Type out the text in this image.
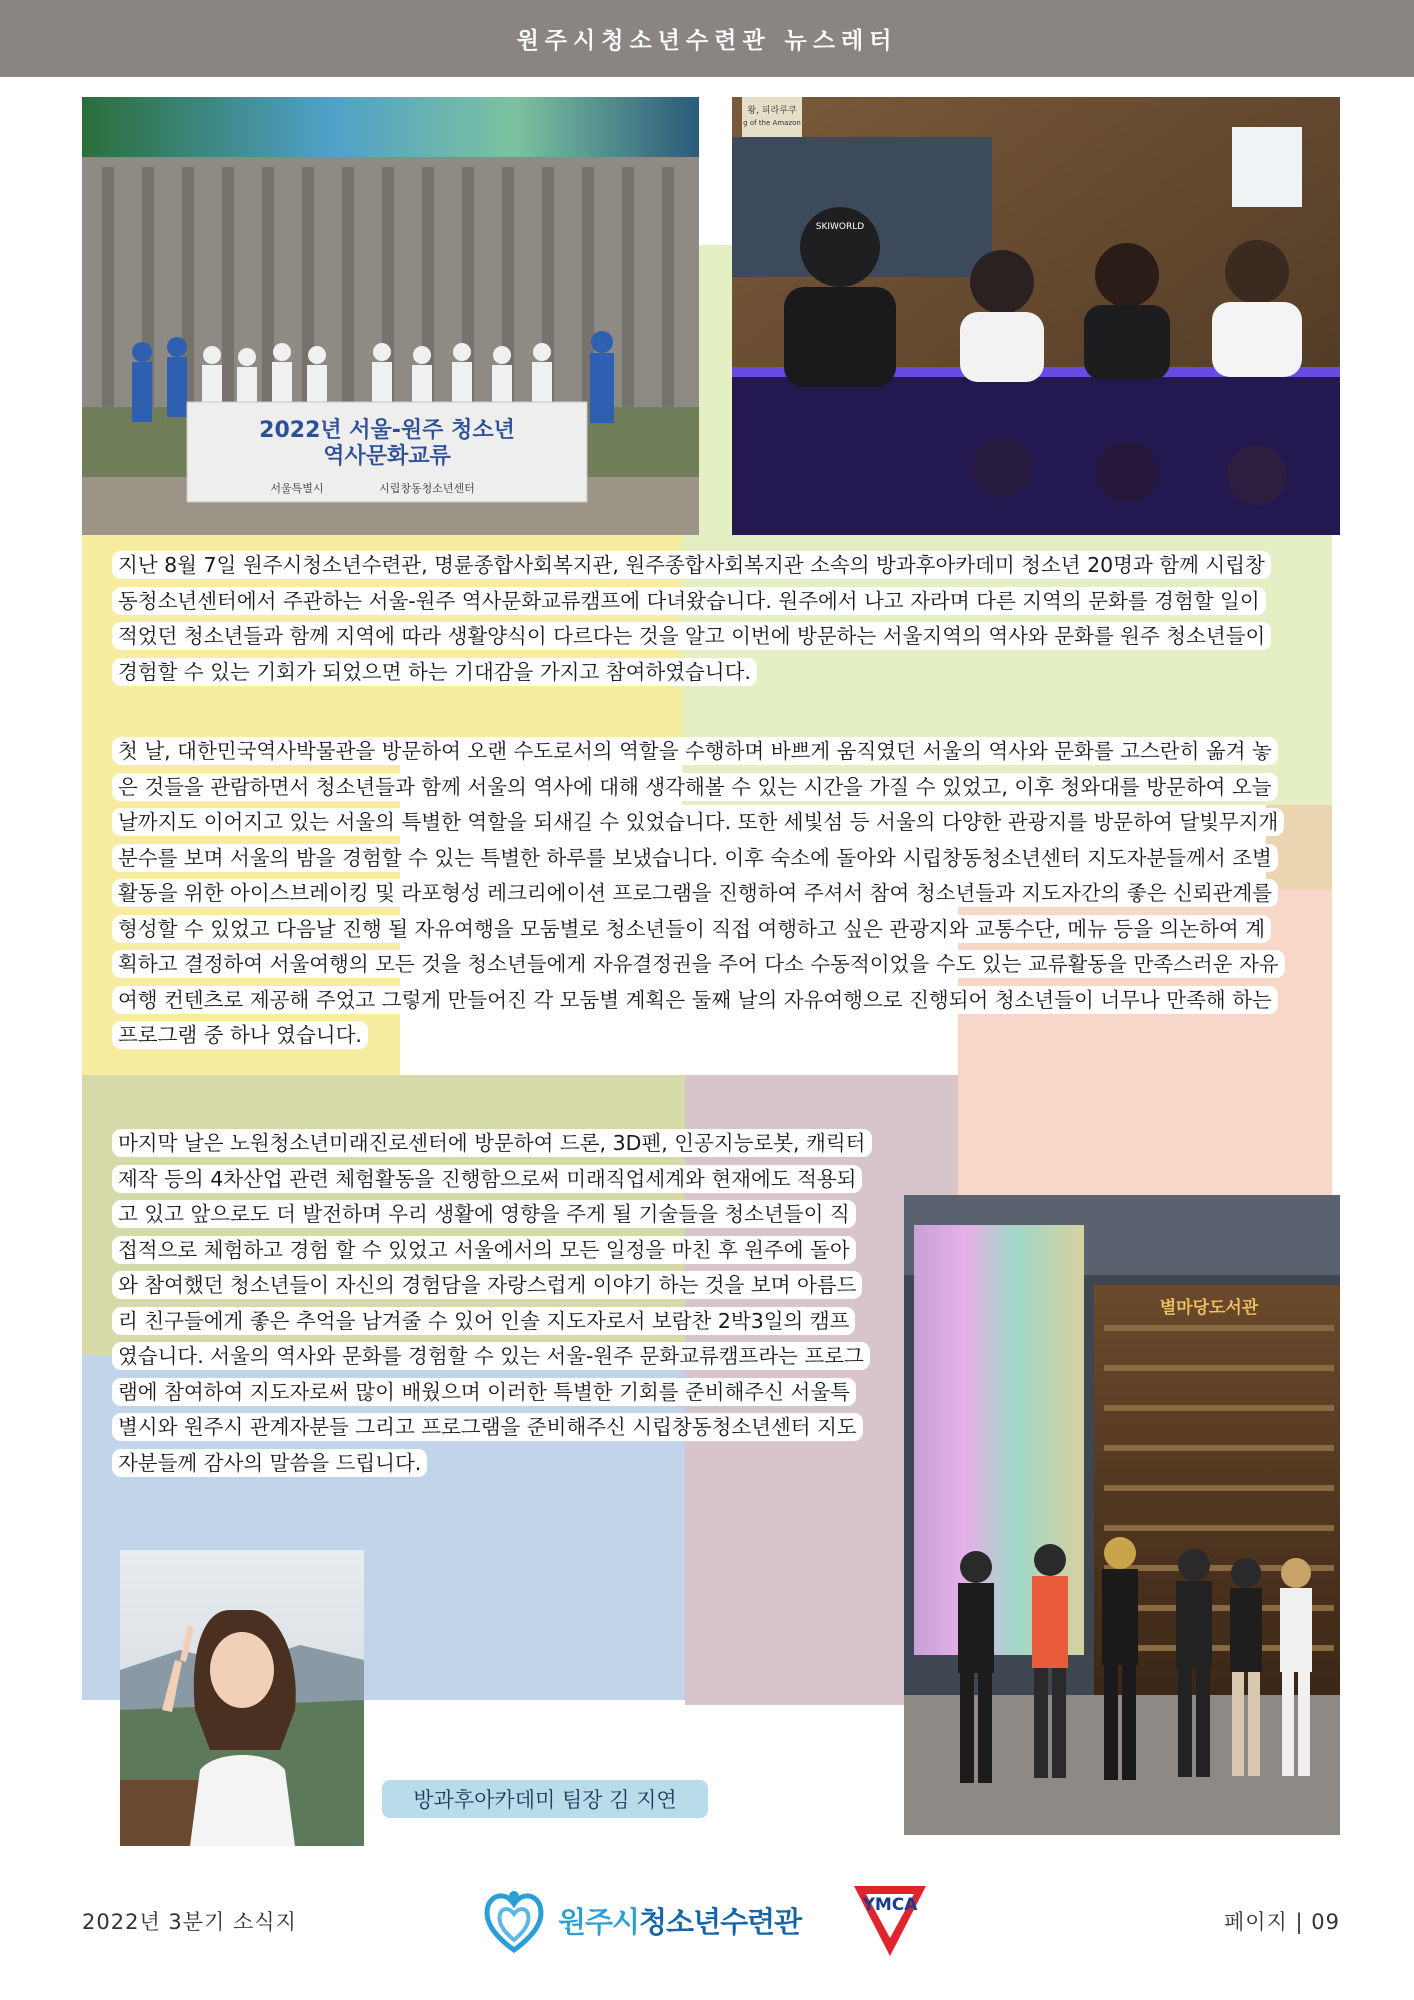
원주시청소년수련관 뉴스레터
2022년 서울-원주 청소년
역사문화교류
서울특별시	시립창동청소년센터
왕, 피라루쿠
g of the Amazon
SKIWORLD
지난 8월 7일 원주시청소년수련관, 명륜종합사회복지관, 원주종합사회복지관 소속의 방과후아카데미 청소년 20명과 함께 시립창동청소년센터에서 주관하는 서울-원주 역사문화교류캠프에 다녀왔습니다. 원주에서 나고 자라며 다른 지역의 문화를 경험할 일이 적었던 청소년들과 함께 지역에 따라 생활양식이 다르다는 것을 알고 이번에 방문하는 서울지역의 역사와 문화를 원주 청소년들이 경험할 수 있는 기회가 되었으면 하는 기대감을 가지고 참여하였습니다.
첫 날, 대한민국역사박물관을 방문하여 오랜 수도로서의 역할을 수행하며 바쁘게 움직였던 서울의 역사와 문화를 고스란히 옮겨 놓은 것들을 관람하면서 청소년들과 함께 서울의 역사에 대해 생각해볼 수 있는 시간을 가질 수 있었고, 이후 청와대를 방문하여 오늘날까지도 이어지고 있는 서울의 특별한 역할을 되새길 수 있었습니다. 또한 세빛섬 등 서울의 다양한 관광지를 방문하여 달빛무지개분수를 보며 서울의 밤을 경험할 수 있는 특별한 하루를 보냈습니다. 이후 숙소에 돌아와 시립창동청소년센터 지도자분들께서 조별 활동을 위한 아이스브레이킹 및 라포형성 레크리에이션 프로그램을 진행하여 주셔서 참여 청소년들과 지도자간의 좋은 신뢰관계를 형성할 수 있었고 다음날 진행 될 자유여행을 모둠별로 청소년들이 직접 여행하고 싶은 관광지와 교통수단, 메뉴 등을 의논하여 계획하고 결정하여 서울여행의 모든 것을 청소년들에게 자유결정권을 주어 다소 수동적이었을 수도 있는 교류활동을 만족스러운 자유여행 컨텐츠로 제공해 주었고 그렇게 만들어진 각 모둠별 계획은 둘째 날의 자유여행으로 진행되어 청소년들이 너무나 만족해 하는 프로그램 중 하나 였습니다.
마지막 날은 노원청소년미래진로센터에 방문하여 드론, 3D펜, 인공지능로봇, 캐릭터 제작 등의 4차산업 관련 체험활동을 진행함으로써 미래직업세계와 현재에도 적용되고 있고 앞으로도 더 발전하며 우리 생활에 영향을 주게 될 기술들을 청소년들이 직접적으로 체험하고 경험 할 수 있었고 서울에서의 모든 일정을 마친 후 원주에 돌아와 참여했던 청소년들이 자신의 경험담을 자랑스럽게 이야기 하는 것을 보며 아름드리 친구들에게 좋은 추억을 남겨줄 수 있어 인솔 지도자로서 보람찬 2박3일의 캠프였습니다. 서울의 역사와 문화를 경험할 수 있는 서울-원주 문화교류캠프라는 프로그램에 참여하여 지도자로써 많이 배웠으며 이러한 특별한 기회를 준비해주신 서울특별시와 원주시 관계자분들 그리고 프로그램을 준비해주신 시립창동청소년센터 지도자분들께 감사의 말씀을 드립니다.
별마당도서관
방과후아카데미 팀장 김 지연
2022년 3분기 소식지	원주시청소년수련관	YMCA
페이지 | 09
